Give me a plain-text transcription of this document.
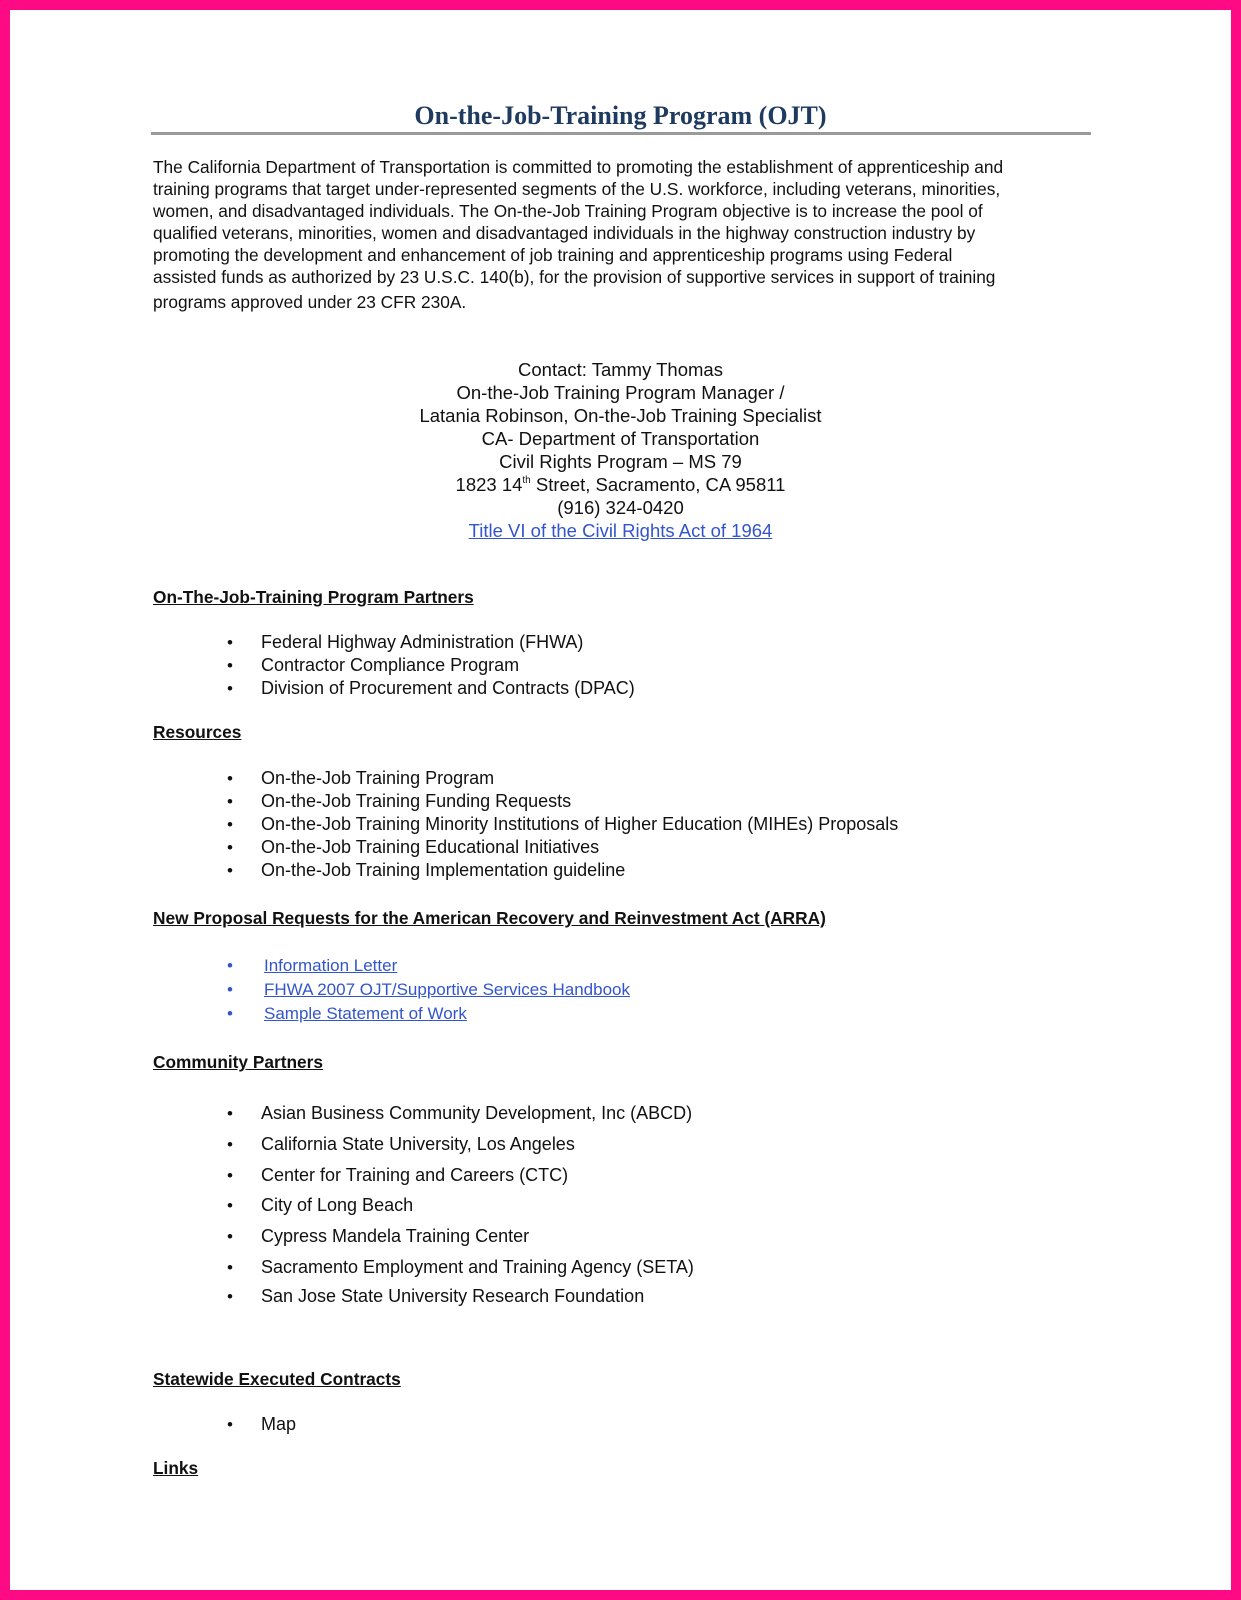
On-the-Job-Training Program (OJT)
The California Department of Transportation is committed to promoting the establishment of apprenticeship and
training programs that target under-represented segments of the U.S. workforce, including veterans, minorities,
women, and disadvantaged individuals. The On-the-Job Training Program objective is to increase the pool of
qualified veterans, minorities, women and disadvantaged individuals in the highway construction industry by
promoting the development and enhancement of job training and apprenticeship programs using Federal
assisted funds as authorized by 23 U.S.C. 140(b), for the provision of supportive services in support of training
programs approved under 23 CFR 230A.
Contact: Tammy Thomas
On-the-Job Training Program Manager /
Latania Robinson, On-the-Job Training Specialist
CA- Department of Transportation
Civil Rights Program – MS 79
1823 14th Street, Sacramento, CA 95811
(916) 324-0420
Title VI of the Civil Rights Act of 1964
On-The-Job-Training Program Partners
• Federal Highway Administration (FHWA)
• Contractor Compliance Program
• Division of Procurement and Contracts (DPAC)
Resources
• On-the-Job Training Program
• On-the-Job Training Funding Requests
• On-the-Job Training Minority Institutions of Higher Education (MIHEs) Proposals
• On-the-Job Training Educational Initiatives
• On-the-Job Training Implementation guideline
New Proposal Requests for the American Recovery and Reinvestment Act (ARRA)
• Information Letter
• FHWA 2007 OJT/Supportive Services Handbook
• Sample Statement of Work
Community Partners
• Asian Business Community Development, Inc (ABCD)
• California State University, Los Angeles
• Center for Training and Careers (CTC)
• City of Long Beach
• Cypress Mandela Training Center
• Sacramento Employment and Training Agency (SETA)
• San Jose State University Research Foundation
Statewide Executed Contracts
• Map
Links
